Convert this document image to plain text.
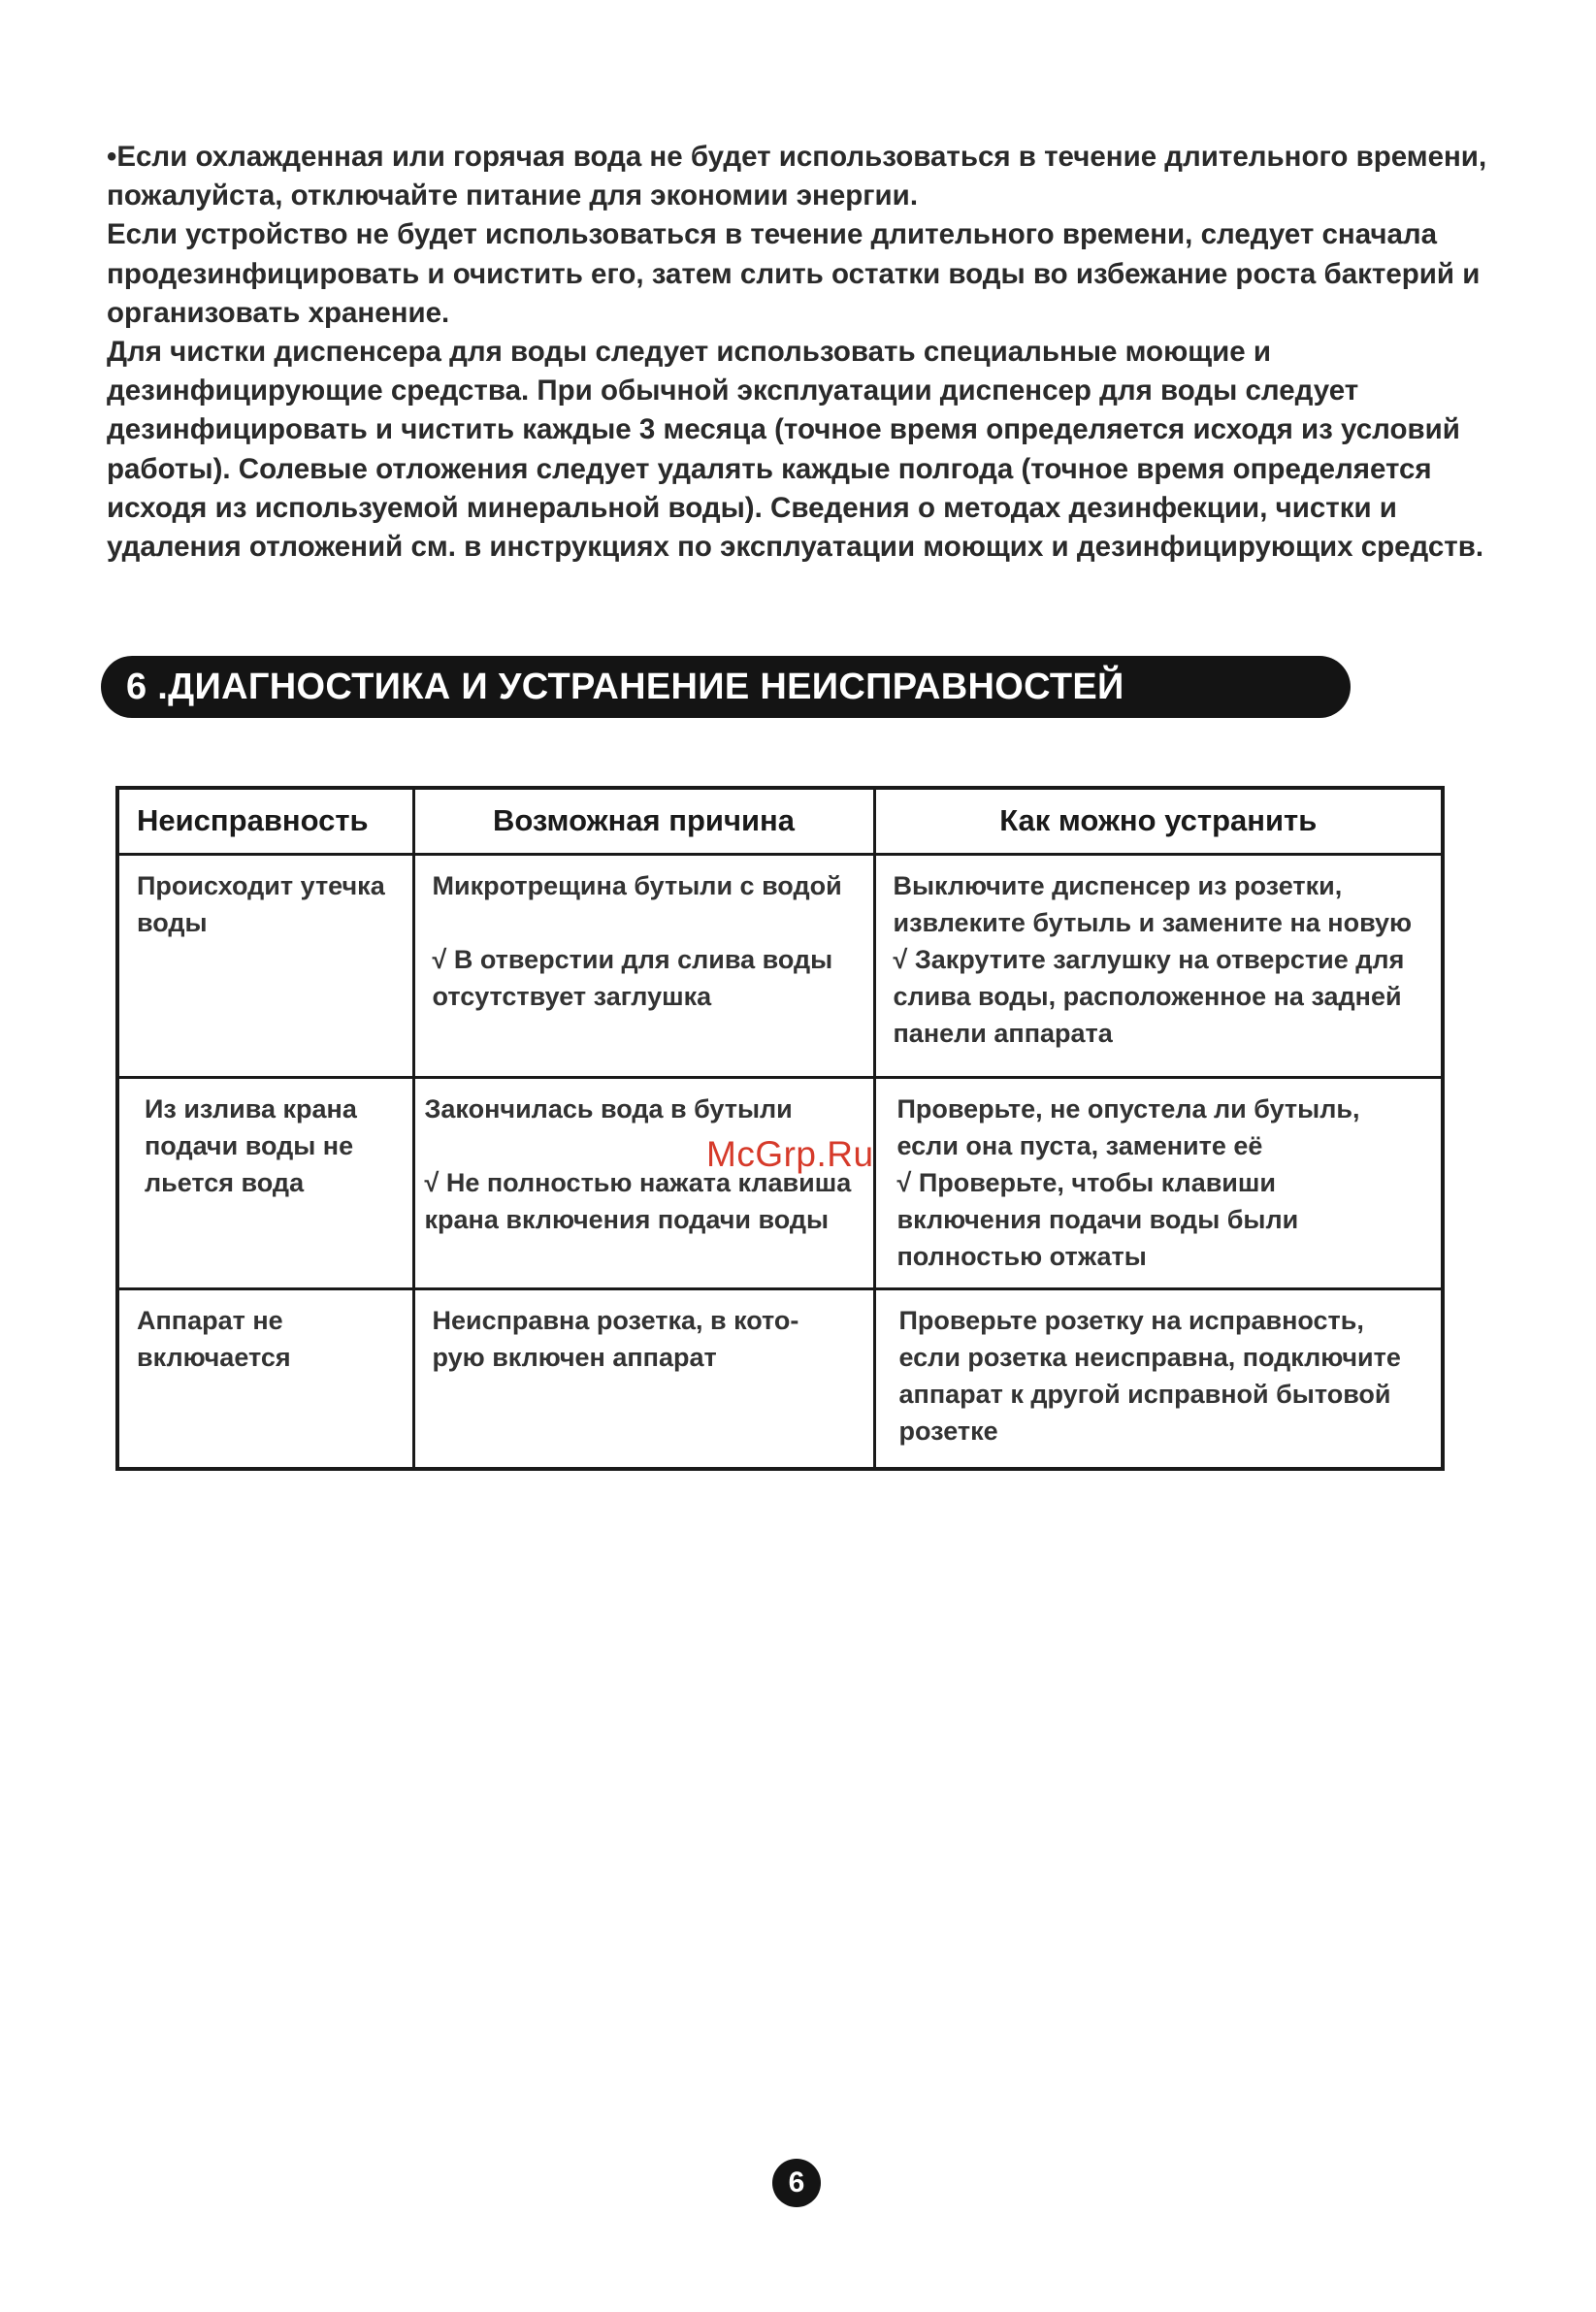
•Если охлажденная или горячая вода не будет использоваться в течение длительного времени, пожалуйста, отключайте питание для экономии энергии.

Если устройство не будет использоваться в течение длительного времени, следует сначала продезинфицировать и очистить его, затем слить остатки воды во избежание роста бактерий и организовать хранение.

Для чистки диспенсера для воды следует использовать специальные моющие и дезинфицирующие средства. При обычной эксплуатации диспенсер для воды следует дезинфицировать и чистить каждые 3 месяца (точное время определяется исходя из условий работы). Солевые отложения следует удалять каждые полгода (точное время определяется исходя из используемой минеральной воды). Сведения о методах дезинфекции, чистки и удаления отложений см. в инструкциях по эксплуатации моющих и дезинфицирующих средств.

6 .ДИАГНОСТИКА И УСТРАНЕНИЕ НЕИСПРАВНОСТЕЙ
Неисправность	Возможная причина	Как можно устранить

Происходит утечка
воды	Микротрещина бутыли с водой
√ В отверстии для слива воды
отсутствует заглушка	Выключите диспенсер из розетки,
извлеките бутыль и замените на новую
√ Закрутите заглушку на отверстие для
слива воды, расположенное на задней
панели аппарата

Из излива крана
подачи воды не
льется вода	Закончилась вода в бутыли
√ Не полностью нажата клавиша
крана включения подачи воды	Проверьте, не опустела ли бутыль,
если она пуста, замените её
√ Проверьте, чтобы клавиши
включения подачи воды были
полностью отжаты

Аппарат не
включается	Неисправна розетка, в кото-
рую включен аппарат	Проверьте розетку на исправность,
если розетка неисправна, подключите
аппарат к другой исправной бытовой
розетке
McGrp.Ru
6
